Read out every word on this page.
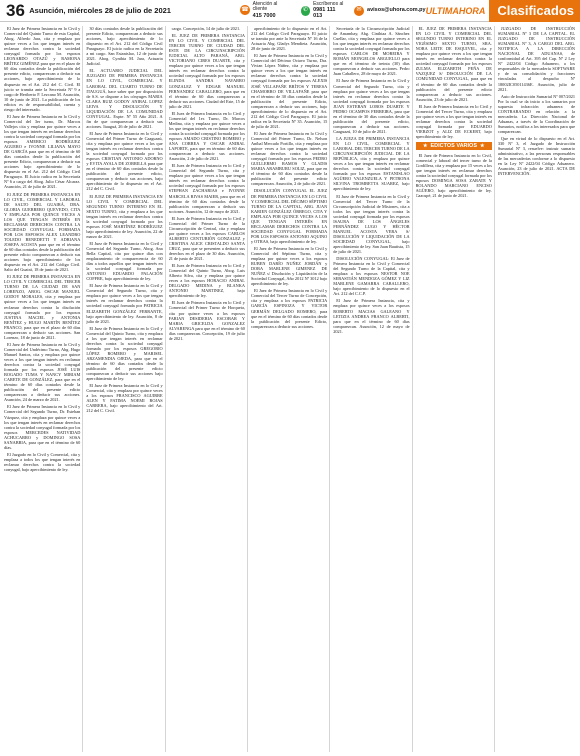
36 Asunción, miércoles 28 de julio de 2021	☎
Atención al cliente
415 7000
✆
Escríbenos al
0981 111 013
✉ avisos@uhora.com.py ULTIMAHORA Clasificados

El Juez de Primera Instancia en lo Civil y Comercial del Quinto Turno de esta Capital, Abog. Alfredo Jara, cita y emplaza por quince veces a los que tengan interés en reclamar derechos contra la sociedad conyugal formada por los esposos LEONARDO OTAZÚ y RAMONA BRÍTEZ GIMÉNEZ para que en el plazo de 60 días contados desde la publicación del presente edicto, comparezcan a deducir sus acciones, bajo apercibimiento de lo dispuesto en el Art. 212 del C. Civil. El juicio se tramita ante la Secretaría Nº 9 a cargo de Heriberto F. Lezcano M. Asunción, 10 de junio de 2021. La publicación de los edictos es de responsabilidad, cuenta y riesgo del interesado.

El Juez de Primera Instancia en lo Civil y Comercial del 3er turno, Dr. Marcos Vallejos cita y emplaza por quince veces a los que tengan interés en reclamar derechos contra la sociedad conyugal formada por los esposos AMERICO RODRÍGUEZ AGUERO e IVONNE LILIANA MAYO DE GARCÍA para que en el término de 60 días contados desde la publicación del presente Edicto, comparezcan a deducir sus acciones bajo apercibimiento de lo dispuesto en el Art. 212 del Código Civil Paraguayo. El Juicio radica en la Secretaría Nº 6 a cargo del Abog. Julio César Alcaraz. Asunción, 21 de julio de 2021.

El JUEZ DE PRIMERA INSTANCIA EN LO CIVIL, COMERCIAL Y LABORAL DE SALTO DEL GUAIRÁ, DRA. GLORIA GUERRERO QUEVEDO, CITA Y EMPLAZA POR QUINCE VECES A LOS QUE TENGAN INTERÉS EN RECLAMAR DERECHOS CONTRA LA SOCIEDAD CONYUGAL FORMADA POR LOS ESPOSOS ALEX LEANDRO TOLEDO BENEDETTI Y ADRIANA JOSEFA ACOSTA para que en el término de 60 días contados desde la publicación del presente edicto comparezcan a deducir sus acciones bajo apercibimiento de los dispuesto en el Art. 212 del Código Civil. Salto del Guairá, 18 de junio de 2021.

El JUEZ DE PRIMERA INSTANCIA EN LO CIVIL Y COMERCIAL DEL TERCER TURNO DE LA CIUDAD DE SAN LORENZO, ABOG. OSCAR MANUEL GODOY MORALES, cita y emplaza por quince veces a los que tengan interés en reclamar derechos contra la disolución conyugal formada por los esposos JUSTINA MACIEL y ANTONIA BENÍTEZ y HUGO MARTÍN BENÍTEZ FRANCO, para que en el plazo de 60 días comparezcan a deducir sus acciones. San Lorenzo, 18 de junio de 2021.

El Juez de Primera Instancia en lo Civil y Comercial del Undécimo Turno, Abg. Hugo Manuel Santos, cita y emplaza por quince veces a los que tengan interés en reclamar derechos contra la sociedad conyugal formada por los esposos JOSÉ LUIS BOGADO TUMA Y NANCY MIRIAM CARETE DE GONZÁLEZ, para que en el término de 60 días contados desde la publicación del presente edicto comparezcan a deducir sus acciones. Asunción, 24 de marzo de 2021.

El Juez de Primera Instancia en lo Civil y Comercial del Segundo Turno, Dr. Esteban Vázquez, cita y emplaza por quince veces a los que tengan interés en reclamar derechos contra la sociedad conyugal formada por los esposos MERCEDES NATIVIDAD ACHUCARRO y DOMINGO SOSA SANABRIA, para que en el término de 60 días.

El Juzgado en lo Civil y Comercial, cita y emplaza a todos los que tengan interés en reclamar derechos contra la sociedad conyugal, bajo apercibimiento de ley.

30 días contados desde la publicación del presente Edicto, comparezcan a deducir sus acciones, bajo apercibimiento de lo dispuesto en el Art. 212 del Código Civil Paraguayo. El juicio radica en la Secretaría a mi cargo. San Estanislao, 12 de junio de 2021. Abog. Cynthia M. Jara, Actuaria Judicial.

EL ACTUARIO JUDICIAL DEL JUZGADO DE PRIMERA INSTANCIA EN LO CIVIL, COMERCIAL Y LABORAL DEL CUARTO TURNO DE ITAUGUÁ, hace saber que por disposición de S.S. se dispone a los cónyuges MARIA CLARA RUIZ GODOY ANIBAL LOPEZ LEIVA Y DISOLUCIÓN Y LIQUIDACIÓN DE LA COMUNIDAD CONYUGAL. Expte. Nº 55 Año 2021. A fin de que comparezcan a deducir sus acciones. Itauguá, 26 de julio de 2021.

El Juez de Primera Instancia en lo Civil y Comercial del Primer Turno de Caaguazú, cita y emplaza por quince veces a los que tengan interés en reclamar derechos contra la sociedad conyugal formada por los esposos CRISTIAN ANTONIO ADORNO y EVITA AYALA DE ZORRILLA para que en el término de 60 días contados desde la publicación del presente edicto, comparezcan y deducir sus acciones, bajo apercibimiento de lo dispuesto en el Art. 212 del C. Civil.

El JUEZ DE PRIMERA INSTANCIA EN LO CIVIL Y COMERCIAL DEL SEGUNDO TURNO INTERINO EN EL SEXTO TURNO, cita y emplaza a los que tengan interés en reclamar derechos contra la sociedad conyugal formada por los esposos JOSÉ MARTÍNEZ RODRÍGUEZ bajo apercibimiento de ley. Asunción, 22 de marzo de 2021.

El Juez de Primera Instancia en lo Civil y Comercial del Segundo Turno, Abog. Ana Bella Capital, cita por quince días con emplazamiento de comparecencia de 60 días a todos aquellos que tengan interés en la sociedad conyugal formada por ANTONIO EDUARDO PALACIÓN COFFRE, bajo apercibimiento de ley.

El Juez de Primera Instancia en lo Civil y Comercial del Segundo Turno, cita y emplaza por quince veces a los que tengan interés en reclamar derechos contra la sociedad conyugal formada por PATRICIA ELIZABETH GONZÁLEZ FERRANTE, bajo apercibimiento de ley. Asunción, 8 de julio de 2021.

El Juez de Primera Instancia en lo Civil y Comercial del Quinto Turno, cita y emplaza a los que tengan interés en reclamar derechos contra la sociedad conyugal formada por los esposos GREGORIO LÓPEZ ROMERO y MARISEL ARZAMENDIA OJEDA, para que en el término de 60 días contados desde la publicación del presente edicto comparezcan a deducir sus acciones bajo apercibimiento de ley.

El Juez de Primera Instancia en lo Civil y Comercial, cita y emplaza por quince veces a los esposos FRANCISCO AGUIRRE ALEN Y FATIMA NOEMI ROJAS CABRERA, bajo apercibimiento del Art. 212 del C. Civil.

cargo. Concepción, 14 de julio de 2021.

EL JUEZ DE PRIMERA INSTANCIA EN LO CIVIL Y COMERCIAL DEL TERCER TURNO DE CIUDAD DEL ESTE DE LA CIRCUNSCRIPCIÓN JUDICIAL ALTO PARANÁ, ABG. VICTORIANO CIRES DUARTE, cita y emplaza por quince veces a los que tengan interés en reclamar derechos contra la sociedad conyugal formada por los esposos ELINDA SANDRA NAVARRO GONZALEZ Y EDGAR MANUEL FERNANDEZ CABALLERO, para que en el término de 60 días comparezcan a deducir sus acciones. Ciudad del Este, 15 de julio de 2021.

El Juez de Primera Instancia en lo Civil y Comercial del 1er. Turno, Dr. Marcos Medina, cita y emplaza por quince veces a los que tengan interés en reclamar derechos contra la sociedad conyugal formada por los esposos AMADO CRISTINO ROMERO y ANA CORREA Y OSCAR ANIBAL LAPORTE, para que en término de 60 días comparezcan a deducir sus acciones. Asunción, 2 de julio de 2021.

El Juez de Primera Instancia en lo Civil y Comercial del Segundo Turno, cita y emplaza por quince veces a los que tengan interés en reclamar derechos contra la sociedad conyugal formada por los esposos STEPHAN ZACHARIAS e IVONNE MARCELA RIVAS MAIER, para que en el término de 60 días contados desde la publicación comparezcan a deducir sus acciones. Asunción, 12 de mayo de 2021.

El Juez de Primera Instancia en lo Civil y Comercial del Primer Turno de la Circunscripción de Central, cita y emplaza por quince veces a los esposos CARLOS ALBERTO CENTURIÓN GONZALEZ y CRISTINA ALICE CRISTALDO SANTA CRUZ, para que se presenten a deducir sus derechos en el plazo de 30 días. Asunción, 21 de junio de 2021.

El Juez de Primera Instancia en lo Civil y Comercial del Quinto Turno, Abog. Luis Alberto Silva, cita y emplaza por quince veces a los esposos HORACIO ANIBAL DELGADO MEDINA y BLANKA ANTONIO MARTINEZ, bajo apercibimiento de ley.

El Juez de Primera Instancia en lo Civil y Comercial del Primer Turno de Horqueta, cita por quince veces a los esposos FARIAN DESIDERIA ESCOBAR Y MARIA GRICELDA GONZALEZ ALVARENGA para que en el término de 60 días comparezcan. Concepción, 19 de julio de 2021.

apercibimiento de lo dispuesto en el Art. 212 del Código Civil Paraguayo. El juicio se tramita por ante la Secretaría Nº 16 de la Actuaria Abg. Gladys Mendieta. Asunción, 28 de junio de 2021.

El Juez de Primera Instancia en lo Civil y Comercial del Décimo Octavo Turno, Dra. Vivian López Núñez, cita y emplaza por quince veces a los que tengan interés en reclamar derechos contra la sociedad conyugal formada por los esposos ALEXIS JOSÉ VILLAFAÑE BRÍTOS Y TERESA CHAMORRO DE VILLAFAÑE para que en el término de 30 días contados desde la publicación del presente Edicto, comparezcan a deducir sus acciones, bajo apercibimiento de lo dispuesto en el Art. 212 del Código Civil Paraguayo. El juicio radica en la Secretaría Nº 35. Asunción, 15 de julio de 2021.

El Juez de Primera Instancia en lo Civil y Comercial del Primer Turno, Dr. Nelson Aníbal Mercado Portillo, cita y emplaza por quince veces a los que tengan interés en reclamar derechos contra la sociedad conyugal formada por los esposos PEDRO GUILLERMO RAMOS Y GLADIS MARIA ARAMBURU SOLIZ, para que en el término de 60 días contados desde la publicación del presente edicto comparezcan. Asunción, 2 de julio de 2021.

DISOLUCIÓN CONYUGAL EL JUEZ DE PRIMERA INSTANCIA EN LO CIVIL Y COMERCIAL DEL DÉCIMO SÉPTIMO TURNO DE LA CAPITAL, ABG. JUAN KARIEN GONZÁLEZ ÓRREGO, CITA Y EMPLAZA POR QUINCE VECES A LOS QUE TENGAN INTERÉS EN RECLAMAR DERECHOS CONTRA LA SOCIEDAD CONYUGAL FORMADA POR LOS ESPOSOS ANTONIO AQUINO y OTRAS, bajo apercibimiento de ley.

El Juez de Primera Instancia en lo Civil y Comercial del Séptimo Turno, cita y emplaza por quince veces a los esposos RUBEN DARÍO NUÑEZ JORDÁN y DORA MARLENE GIMENEZ DE NUÑEZ s/ Disolución y Liquidación de la Sociedad Conyugal, Año 2012 Nº 3012 bajo apercibimiento de ley.

El Juez de Primera Instancia en lo Civil y Comercial del Tercer Turno de Concepción, cita y emplaza a los esposos PATRICIA GARCÍA ESPINOZA Y VICTOR GERMÁN DELGADO ROMERO, para que en el término de 60 días contados desde la publicación del presente Edicto, comparezcan a deducir sus acciones.

Secretaría de la Circunscripción Judicial de Amambay, Abg. Cinthiaa A. Sánchez Cuellar, cita y emplaza por quince veces a los que tengan interés en reclamar derechos contra la sociedad conyugal formada por los esposos CARLOS DE MOREIRA Y ROMÁN MONGELOS ARGUELLO para que en el término de treinta (30) días comparezcan a deducir sus acciones. Pedro Juan Caballero, 28 de mayo de 2021.

El Juez de Primera Instancia en lo Civil y Comercial del Segundo Turno, cita y emplaza por quince veces a los que tengan interés en reclamar derechos contra la sociedad conyugal formada por los esposos JUAN ESTEBAN LOBOS DUARTE Y PEDRO OCAMPOS FERREIRA, para que en el término de 30 días contados desde la publicación del presente edicto, comparezcan a deducir sus acciones. Caaguazú, 10 de julio de 2021.

LA JUEZA DE PRIMERA INSTANCIA EN LO CIVIL, COMERCIAL Y LABORAL DEL TERCER TURNO DE LA CIRCUNSCRIPCIÓN JUDICIAL DE LA REPÚBLICA, cita y emplaza por quince veces a los que tengan interés en reclamar derechos contra la sociedad conyugal formada por los esposos ESTANISLAO AGÜERO VALENZUELA Y PETRONA SILVINA TROMBETTA SUAREZ, bajo apercibimiento de ley.

El Juez de Primera Instancia en lo Civil y Comercial del Tercer Turno de la Circunscripción Judicial de Misiones, cita a todos los que tengan interés contra la sociedad conyugal formada por los esposos ISAURA DE LOS ÁNGELES FERNÁNDEZ LUGO Y HÉCTOR MANUEL ACOSTA VERA S/ DISOLUCIÓN Y LIQUIDACIÓN DE LA SOCIEDAD CONYUGAL, bajo apercibimiento de ley. San Juan Bautista, 15 de julio de 2021.

DISOLUCIÓN CONYUGAL: El Juez de Primera Instancia en lo Civil y Comercial del Segundo Turno de la Capital, cita y emplaza a los esposos NESTOR NOE SEBASTIÁN MENDOZA GÓMEZ Y LIZ MARLENE GAMARRA CABALLERO, bajo apercibimiento de lo dispuesto en el Art. 212 del C.C.P.

El Juez de Primera Instancia, cita y emplaza por quince veces a los esposos ROBERTO MACIAS GALEANO Y LETIZIA ANDREA FRANCO ALBERTI, para que en el término de 60 días comparezcan. Asunción, 12 de mayo de 2021.

EL JUEZ DE PRIMERA INSTANCIA EN LO CIVIL Y COMERCIAL DEL SEGUNDO TURNO INTERINO EN EL VIGÉSIMO SEXTO TURNO, SRA. NORA LEITE DE ESQUIVEL, cita y emplaza por quince veces a los que tengan interés en reclamar derechos contra la sociedad conyugal formada por los esposos ZULMA ELIZABETH PEÑA DE VAZQUEZ S/ DISOLUCIÓN DE LA COMUNIDAD CONYUGAL, para que en el término de 60 días contados desde la publicación del presente edicto comparezcan a deducir sus acciones. Asunción, 23 de julio de 2021.

El Juez de Primera Instancia en lo Civil y Comercial del Tercer Turno, cita y emplaza por quince veces a los que tengan interés en reclamar derechos contra la sociedad conyugal formada por EDUARDO VIERZOT y ALIZ DE ECKERT, bajo apercibimiento de ley.

★ EDICTOS VARIOS ★

El Juez de Primera Instancia en lo Civil, comercial y laboral del tercer turno de la Cordillera, cita y emplaza por 15 veces a los que tengan interés en reclamar derechos contra la sociedad conyugal formada por los esposos DOMINGA SOSA ZARATE Y ROLANDO MARCIANO ENCISO AGÜERO, bajo apercibimiento de ley. Caacupé, 21 de junio de 2021.

JUZGADO DE INSTRUCCIÓN SUMARIAL Nº 3 DE LA CAPITAL. EL JUZGADO DE INSTRUCCIÓN SUMARIAL Nº 3, A CARGO DEL ABG. NOTIFICA A LA DIRECCIÓN NACIONAL DE ADUANAS, de conformidad al Art. 395 del Cap. Nº 2 Ley Nº 2422/04 Código Aduanero, a los responsables de la mercadería SOFTWARE y de su consolidación y fracciones vinculadas al despacho Nº 18002IC05011436E. Asunción, julio de 2021.

Auto de Instrucción Sumarial Nº 007/2021 Por la cual se da inicio a los sumarios por supuesta infracción aduanera de CONTRABANDO en relación a la mercadería. La Dirección Nacional de Aduanas, a través de la Coordinación de Sumarios, notifica a los interesados para que comparezcan.

Que en virtud de lo dispuesto en el Art. 330 Nº 3, el Juzgado de Instrucción Sumarial Nº 3, resuelve: instruir sumario administrativo, a las personas responsables de las mercaderías conforme a lo dispuesto en la Ley Nº 2422/04 Código Aduanero. Asunción, 23 de julio de 2021. ACTA DE INTERVENCIÓN.
